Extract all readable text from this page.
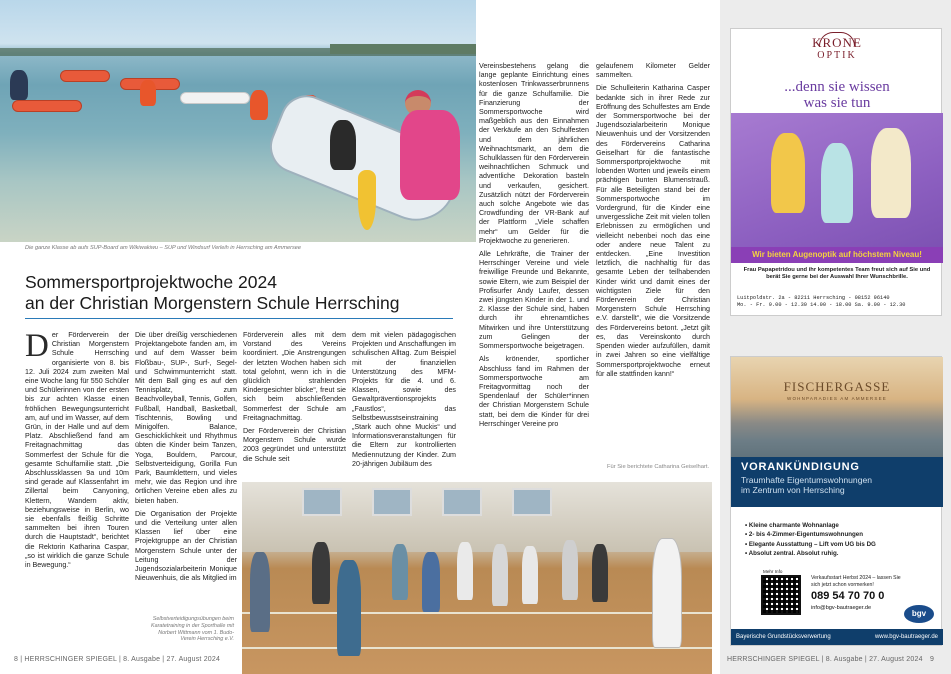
Die ganze Klasse ab aufs SUP-Board am Wikiwakiwu – SUP und Windsurf Verleih in Herrsching am Ammersee
Sommersportprojektwoche 2024
an der Christian Morgenstern Schule Herrsching
D er Förderverein der Christian Morgenstern Schule Herrsching organisierte von 8. bis 12. Juli 2024 zum zweiten Mal eine Woche lang für 550 Schüler und Schülerinnen von der ersten bis zur achten Klasse einen fröhlichen Bewegungsunterricht am, auf und im Wasser, auf dem Grün, in der Halle und auf dem Platz. Abschließend fand am Freitagnachmittag das Sommerfest der Schule für die gesamte Schulfamilie statt. „Die Abschlussklassen 9a und 10m sind gerade auf Klassenfahrt im Zillertal beim Canyoning, Klettern, Wandern aktiv, beziehungsweise in Berlin, wo sie ebenfalls fleißig Schritte sammelten bei ihren Touren durch die Hauptstadt“, berichtet die Rektorin Katharina Caspar, „so ist wirklich die ganze Schule in Bewegung.“

Die über dreißig verschiedenen Projektangebote fanden am, im und auf dem Wasser beim Floßbau-, SUP-, Surf-, Segel- und Schwimmunterricht statt. Mit dem Ball ging es auf den Tennisplatz, zum Beachvolleyball, Tennis, Golfen, Fußball, Handball, Basketball, Tischtennis, Bowling und Minigolfen. Balance, Geschicklichkeit und Rhythmus übten die Kinder beim Tanzen, Yoga, Bouldern, Parcour, Selbstverteidigung, Gorilla Fun Park, Baumklettern, und vieles mehr, wie das Region und ihre örtlichen Vereine eben alles zu bieten haben.

Die Organisation der Projekte und die Verteilung unter allen Klassen lief über eine Projektgruppe an der Christian Morgenstern Schule unter der Leitung der Jugendsozialarbeiterin Monique Nieuwenhuis, die als Mitglied im

Förderverein alles mit dem Vorstand des Vereins koordiniert. „Die Anstrengungen der letzten Wochen haben sich total gelohnt, wenn ich in die glücklich strahlenden Kindergesichter blicke“, freut sie sich beim abschließenden Sommerfest der Schule am Freitagnachmittag.

Der Förderverein der Christian Morgenstern Schule wurde 2003 gegründet und unterstützt die Schule seit

dem mit vielen pädagogischen Projekten und Anschaffungen im schulischen Alltag. Zum Beispiel mit der finanziellen Unterstützung des MFM-Projekts für die 4. und 6. Klassen, sowie des Gewaltpräventionsprojekts „Faustlos“, das Selbstbewusstseinstraining „Stark auch ohne Muckis“ und Informationsveranstaltungen für die Eltern zur kontrollierten Mediennutzung der Kinder. Zum 20-jährigen Jubiläum des

Vereinsbestehens gelang die lange geplante Einrichtung eines kostenlosen Trinkwasserbrunnens für die ganze Schulfamilie. Die Finanzierung der Sommersportwoche wird maßgeblich aus den Einnahmen der Verkäufe an den Schulfesten und dem jährlichen Weihnachtsmarkt, an dem die Schulklassen für den Förderverein weihnachtlichen Schmuck und adventliche Dekoration basteln und verkaufen, gesichert. Zusätzlich nützt der Förderverein auch solche Angebote wie das Crowdfunding der VR-Bank auf der Plattform „Viele schaffen mehr“ um Gelder für die Projektwoche zu generieren.

Alle Lehrkräfte, die Trainer der Herrschinger Vereine und viele freiwillige Freunde und Bekannte, sowie Eltern, wie zum Beispiel der Profisurfer Andy Laufer, dessen zwei jüngsten Kinder in der 1. und 2. Klasse der Schule sind, haben durch ihr ehrenamtliches Mitwirken und ihre Unterstützung zum Gelingen der Sommersportwoche beigetragen.

Als krönender, sportlicher Abschluss fand im Rahmen der Sommersportwoche am Freitagvormittag noch der Spendenlauf der Schüler*innen der Christian Morgenstern Schule statt, bei dem die Kinder für drei Herrschinger Vereine pro

gelaufenem Kilometer Gelder sammelten.

Die Schulleiterin Katharina Casper bedankte sich in ihrer Rede zur Eröffnung des Schulfestes am Ende der Sommersportwoche bei der Jugendsozialarbeiterin Monique Nieuwenhuis und der Vorsitzenden des Fördervereins Catharina Geiselhart für die fantastische Sommersportprojektwoche mit lobenden Worten und jeweils einem prächtigen bunten Blumenstrauß. Für alle Beteiligten stand bei der Sommersportwoche im Vordergrund, für die Kinder eine unvergessliche Zeit mit vielen tollen Erlebnissen zu ermöglichen und vielleicht nebenbei noch das eine oder andere neue Talent zu entdecken. „Eine Investition letztlich, die nachhaltig für das gesamte Leben der teilhabenden Kinder wirkt und damit eines der wichtigsten Ziele für den Förderverein der Christian Morgenstern Schule Herrsching e.V. darstellt“, wie die Vorsitzende des Fördervereins betont. „Jetzt gilt es, das Vereinskonto durch Spenden wieder aufzufüllen, damit in zwei Jahren so eine vielfältige Sommersportprojektwoche erneut für alle stattfinden kann!“

Für Sie berichtete Catharina Geiselhart.
Selbstverteidigungsübungen beim Karatetraining in der Sporthalle mit Norbert Wittmann vom 1. Budo-Verein Herrsching e.V.
8 | HERRSCHINGER SPIEGEL | 8. Ausgabe | 27. August 2024	HERRSCHINGER SPIEGEL | 8. Ausgabe | 27. August 2024 9
KRONE
OPTIK
...denn sie wissen
was sie tun
Wir bieten Augenoptik auf höchstem Niveau!
Frau Papapetridou und ihr kompetentes Team freut sich auf Sie und berät Sie gerne bei der Auswahl Ihrer Wunschbrille.
Luitpoldstr. 2a - 82211 Herrsching - 08152 96140
Mo. - Fr. 9.00 - 12.30 14.00 - 18.00 Sa. 9.00 - 12.30
FISCHERGASSE
WOHNPARADIES AM AMMERSEE
VORANKÜNDIGUNG
Traumhafte Eigentumswohnungen
im Zentrum von Herrsching
• Kleine charmante Wohnanlage
• 2- bis 4-Zimmer-Eigentumswohnungen
• Elegante Ausstattung – Lift vom UG bis DG
• Absolut zentral. Absolut ruhig.
Mehr Info
Verkaufsstart Herbst 2024 – lassen Sie sich jetzt schon vormerken!
089 54 70 70 0
info@bgv-bautraeger.de
bgv
Bayerische Grundstücksverwertung	www.bgv-bautraeger.de
